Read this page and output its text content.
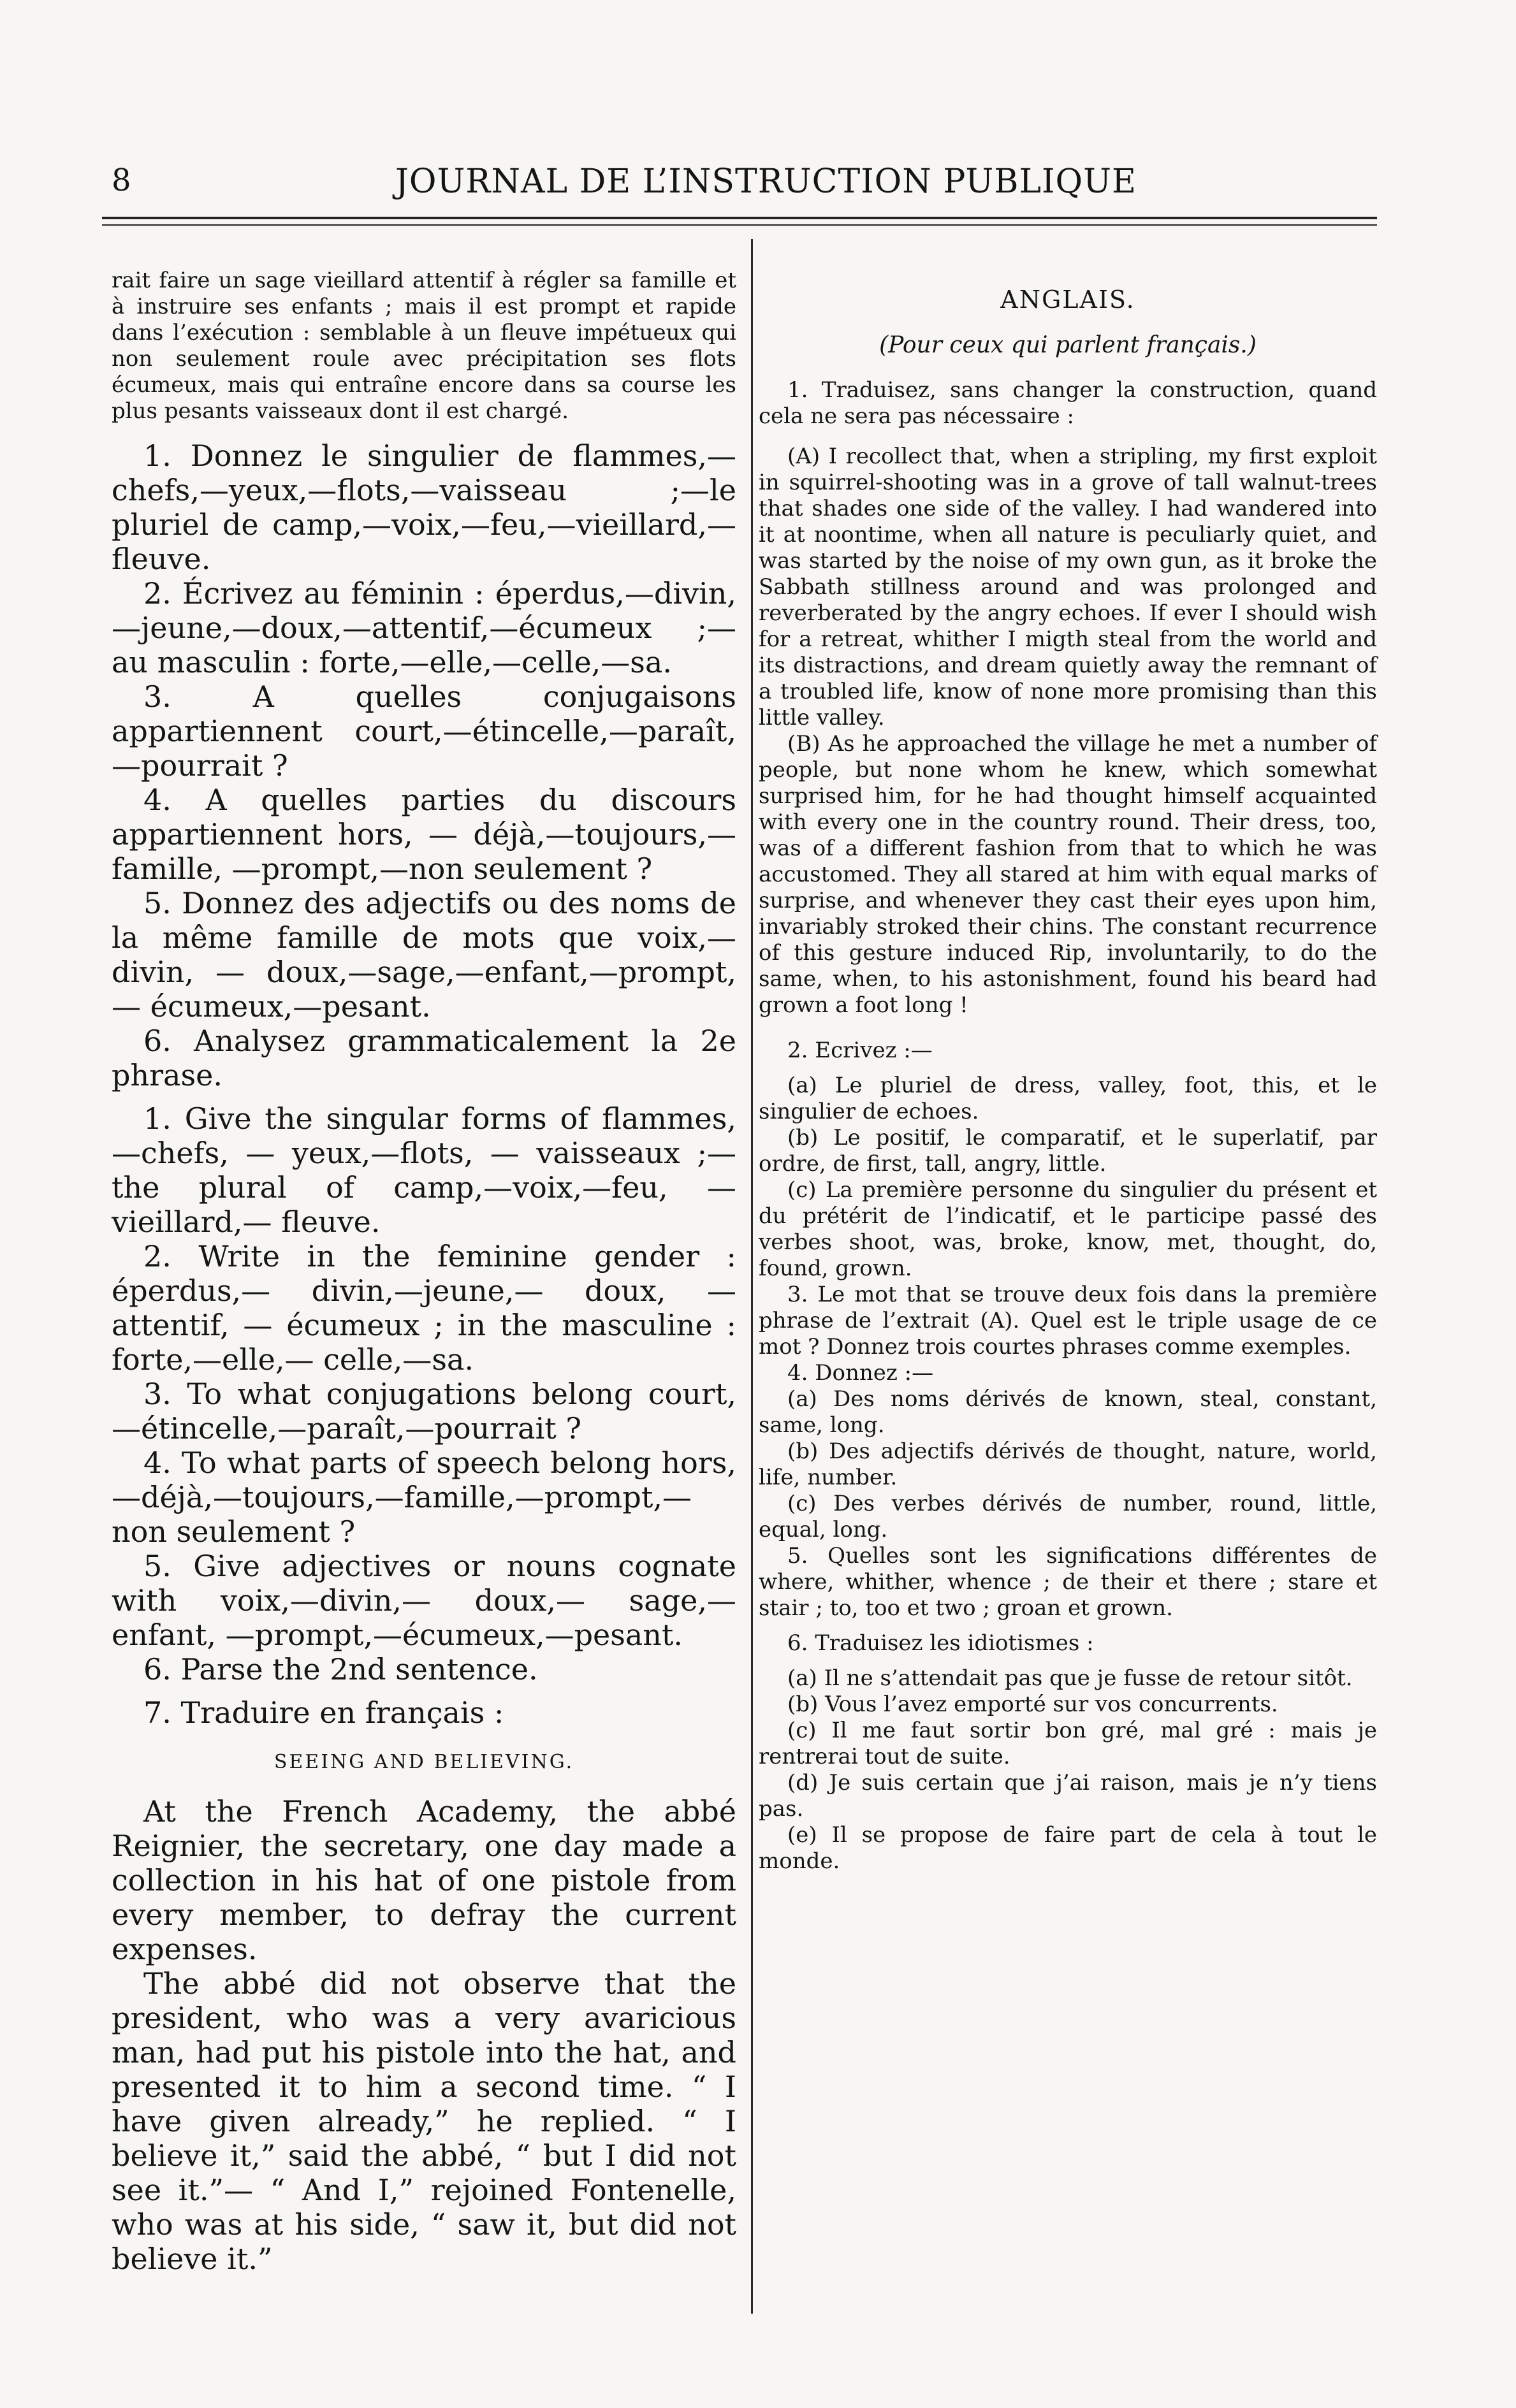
8	JOURNAL DE L’INSTRUCTION PUBLIQUE

rait faire un sage vieillard attentif à régler sa famille et à instruire ses enfants ; mais il est prompt et rapide dans l’exécution : semblable à un fleuve impétueux qui non seulement roule avec précipitation ses flots écumeux, mais qui entraîne encore dans sa course les plus pesants vaisseaux dont il est chargé.

1. Donnez le singulier de flammes,—chefs,—yeux,—flots,—vaisseau ;—le pluriel de camp,—voix,—feu,—vieillard,—fleuve.

2. Écrivez au féminin : éperdus,—divin,—jeune,—doux,—attentif,—écumeux ;—au masculin : forte,—elle,—celle,—sa.

3. A quelles conjugaisons appartiennent court,—étincelle,—paraît,—pourrait ?

4. A quelles parties du discours appartiennent hors, — déjà,—toujours,—famille, —prompt,—non seulement ?

5. Donnez des adjectifs ou des noms de la même famille de mots que voix,— divin, — doux,—sage,—enfant,—prompt, — écumeux,—pesant.

6. Analysez grammaticalement la 2e phrase.

1. Give the singular forms of flammes, —chefs, — yeux,—flots, — vaisseaux ;—the plural of camp,—voix,—feu, —vieillard,— fleuve.

2. Write in the feminine gender : éperdus,— divin,—jeune,— doux, — attentif, — écumeux ; in the masculine : forte,—elle,— celle,—sa.

3. To what conjugations belong court, —étincelle,—paraît,—pourrait ?

4. To what parts of speech belong hors, —déjà,—toujours,—famille,—prompt,—non seulement ?

5. Give adjectives or nouns cognate with voix,—divin,— doux,— sage,— enfant, —prompt,—écumeux,—pesant.

6. Parse the 2nd sentence.

7. Traduire en français :

SEEING AND BELIEVING.

At the French Academy, the abbé Reignier, the secretary, one day made a collection in his hat of one pistole from every member, to defray the current expenses.

The abbé did not observe that the president, who was a very avaricious man, had put his pistole into the hat, and presented it to him a second time. “ I have given already,” he replied. “ I believe it,” said the abbé, “ but I did not see it.”— “ And I,” rejoined Fontenelle, who was at his side, “ saw it, but did not believe it.”

ANGLAIS.

(Pour ceux qui parlent français.)

1. Traduisez, sans changer la construction, quand cela ne sera pas nécessaire :

(A) I recollect that, when a stripling, my first exploit in squirrel-shooting was in a grove of tall walnut-trees that shades one side of the valley. I had wandered into it at noontime, when all nature is peculiarly quiet, and was started by the noise of my own gun, as it broke the Sabbath stillness around and was prolonged and reverberated by the angry echoes. If ever I should wish for a retreat, whither I migth steal from the world and its distractions, and dream quietly away the remnant of a troubled life, know of none more promising than this little valley.

(B) As he approached the village he met a number of people, but none whom he knew, which somewhat surprised him, for he had thought himself acquainted with every one in the country round. Their dress, too, was of a different fashion from that to which he was accustomed. They all stared at him with equal marks of surprise, and whenever they cast their eyes upon him, invariably stroked their chins. The constant recurrence of this gesture induced Rip, involuntarily, to do the same, when, to his astonishment, found his beard had grown a foot long !

2. Ecrivez :—

(a) Le pluriel de dress, valley, foot, this, et le singulier de echoes.

(b) Le positif, le comparatif, et le superlatif, par ordre, de first, tall, angry, little.

(c) La première personne du singulier du présent et du prétérit de l’indicatif, et le participe passé des verbes shoot, was, broke, know, met, thought, do, found, grown.

3. Le mot that se trouve deux fois dans la première phrase de l’extrait (A). Quel est le triple usage de ce mot ? Donnez trois courtes phrases comme exemples.

4. Donnez :—

(a) Des noms dérivés de known, steal, constant, same, long.

(b) Des adjectifs dérivés de thought, nature, world, life, number.

(c) Des verbes dérivés de number, round, little, equal, long.

5. Quelles sont les significations différentes de where, whither, whence ; de their et there ; stare et stair ; to, too et two ; groan et grown.

6. Traduisez les idiotismes :

(a) Il ne s’attendait pas que je fusse de retour sitôt.

(b) Vous l’avez emporté sur vos concurrents.

(c) Il me faut sortir bon gré, mal gré : mais je rentrerai tout de suite.

(d) Je suis certain que j’ai raison, mais je n’y tiens pas.

(e) Il se propose de faire part de cela à tout le monde.
